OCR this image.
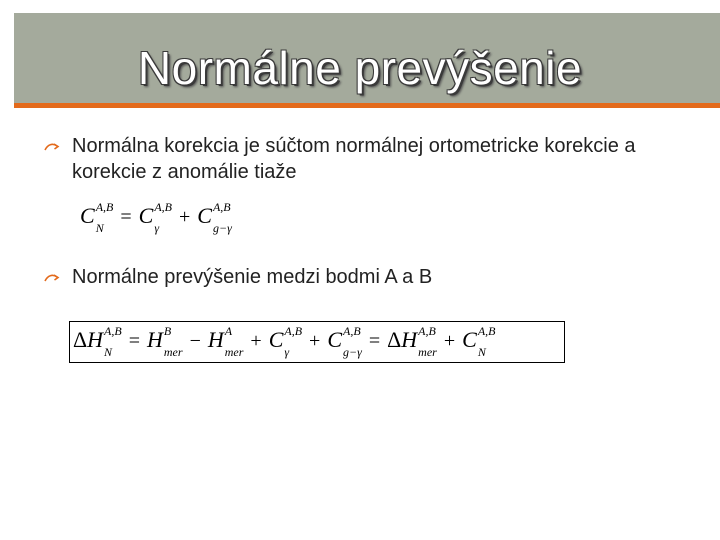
Normálne prevýšenie
Normálna korekcia je súčtom normálnej ortometricke korekcie a korekcie z anomálie tiaže
C A,B
N
= C A,B
γ
+ C A,B
g−γ
Normálne prevýšenie medzi bodmi A a B
ΔH A,B
N
= H B
mer
− H A
mer
+ C A,B
γ
+ C A,B
g−γ
= ΔH A,B
mer
+ C A,B
N
